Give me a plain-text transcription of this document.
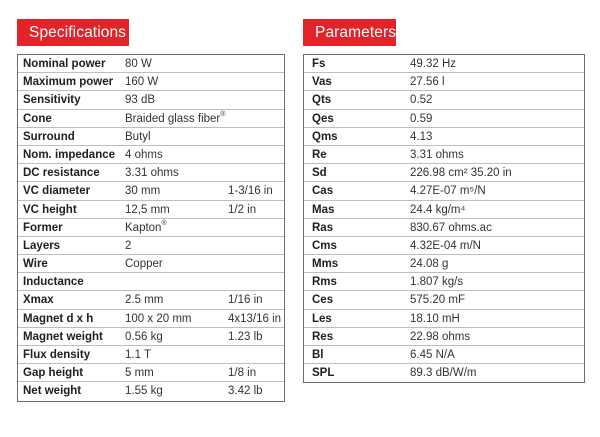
Specifications
Nominal power 80 W
Maximum power 160 W
Sensitivity	93 dB
Cone	Braided glass fiber®
Surround	Butyl
Nom. impedance 4 ohms
DC resistance 3.31 ohms
VC diameter	30 mm	1-3/16 in
VC height	12,5 mm	1/2 in
Former	Kapton®
Layers	2
Wire	Copper
Inductance
Xmax	2.5 mm	1/16 in
Magnet d x h	100 x 20 mm	4x13/16 in
Magnet weight 0.56 kg	1.23 lb
Flux density	1.1 T
Gap height	5 mm	1/8 in
Net weight	1.55 kg	3.42 lb
Parameters
Fs	49.32 Hz
Vas	27.56 l
Qts	0.52
Qes	0.59
Qms	4.13
Re	3.31 ohms
Sd	226.98 cm² 35.20 in
Cas	4.27E-07 m⁵/N
Mas	24.4 kg/m⁴
Ras	830.67 ohms.ac
Cms	4.32E-04 m/N
Mms	24.08 g
Rms	1.807 kg/s
Ces	575.20 mF
Les	18.10 mH
Res	22.98 ohms
Bl	6.45 N/A
SPL	89.3 dB/W/m
